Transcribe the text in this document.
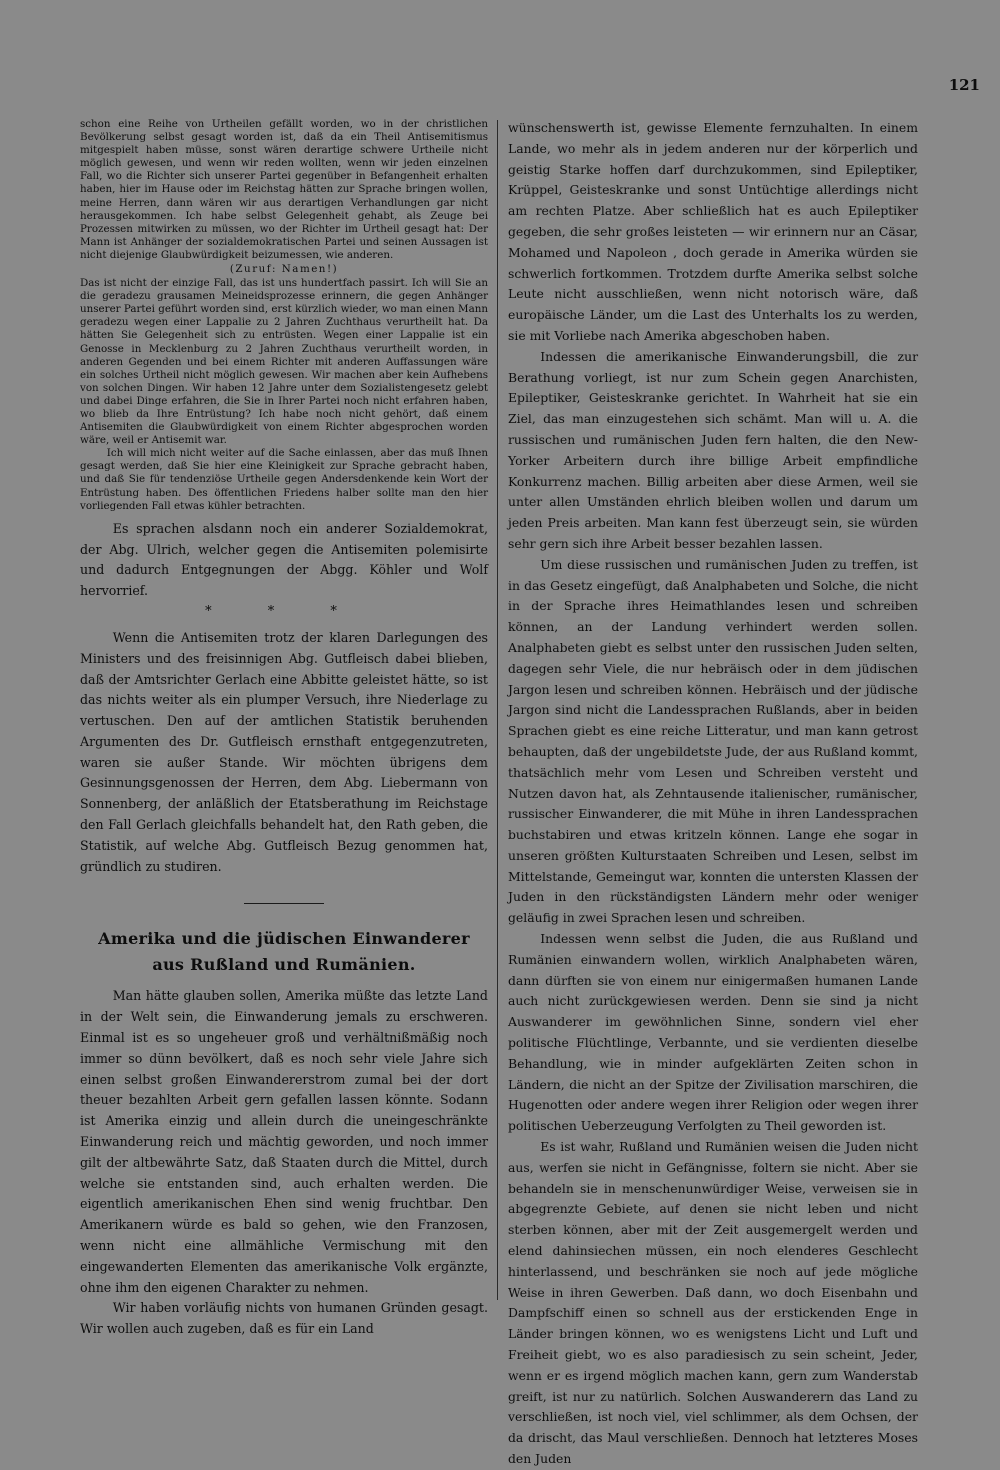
121

schon eine Reihe von Urtheilen gefällt worden, wo in der christlichen Bevölkerung selbst gesagt worden ist, daß da ein Theil Antisemitismus mitgespielt haben müsse, sonst wären derartige schwere Urtheile nicht möglich gewesen, und wenn wir reden wollten, wenn wir jeden einzelnen Fall, wo die Richter sich unserer Partei gegenüber in Befangenheit erhalten haben, hier im Hause oder im Reichstag hätten zur Sprache bringen wollen, meine Herren, dann wären wir aus derartigen Verhandlungen gar nicht herausgekommen. Ich habe selbst Gelegenheit gehabt, als Zeuge bei Prozessen mitwirken zu müssen, wo der Richter im Urtheil gesagt hat: Der Mann ist Anhänger der sozialdemokratischen Partei und seinen Aussagen ist nicht diejenige Glaubwürdigkeit beizumessen, wie anderen.

(Zuruf: Namen!)

Das ist nicht der einzige Fall, das ist uns hundertfach passirt. Ich will Sie an die geradezu grausamen Meineidsprozesse erinnern, die gegen Anhänger unserer Partei geführt worden sind, erst kürzlich wieder, wo man einen Mann geradezu wegen einer Lappalie zu 2 Jahren Zuchthaus verurtheilt hat. Da hätten Sie Gelegenheit sich zu entrüsten. Wegen einer Lappalie ist ein Genosse in Mecklenburg zu 2 Jahren Zuchthaus verurtheilt worden, in anderen Gegenden und bei einem Richter mit anderen Auffassungen wäre ein solches Urtheil nicht möglich gewesen. Wir machen aber kein Aufhebens von solchen Dingen. Wir haben 12 Jahre unter dem Sozialistengesetz gelebt und dabei Dinge erfahren, die Sie in Ihrer Partei noch nicht erfahren haben, wo blieb da Ihre Entrüstung? Ich habe noch nicht gehört, daß einem Antisemiten die Glaubwürdigkeit von einem Richter abgesprochen worden wäre, weil er Antisemit war.

Ich will mich nicht weiter auf die Sache einlassen, aber das muß Ihnen gesagt werden, daß Sie hier eine Kleinigkeit zur Sprache gebracht haben, und daß Sie für tendenziöse Urtheile gegen Andersdenkende kein Wort der Entrüstung haben. Des öffentlichen Friedens halber sollte man den hier vorliegenden Fall etwas kühler betrachten.

Es sprachen alsdann noch ein anderer Sozialdemokrat, der Abg. Ulrich, welcher gegen die Antisemiten polemisirte und dadurch Entgegnungen der Abgg. Köhler und Wolf hervorrief.

* * *

Wenn die Antisemiten trotz der klaren Darlegungen des Ministers und des freisinnigen Abg. Gutfleisch dabei blieben, daß der Amtsrichter Gerlach eine Abbitte geleistet hätte, so ist das nichts weiter als ein plumper Versuch, ihre Niederlage zu vertuschen. Den auf der amtlichen Statistik beruhenden Argumenten des Dr. Gutfleisch ernsthaft entgegenzutreten, waren sie außer Stande. Wir möchten übrigens dem Gesinnungsgenossen der Herren, dem Abg. Liebermann von Sonnenberg, der anläßlich der Etatsberathung im Reichstage den Fall Gerlach gleichfalls behandelt hat, den Rath geben, die Statistik, auf welche Abg. Gutfleisch Bezug genommen hat, gründlich zu studiren.

Amerika und die jüdischen Einwanderer aus Rußland und Rumänien.

Man hätte glauben sollen, Amerika müßte das letzte Land in der Welt sein, die Einwanderung jemals zu erschweren. Einmal ist es so ungeheuer groß und verhältnißmäßig noch immer so dünn bevölkert, daß es noch sehr viele Jahre sich einen selbst großen Einwandererstrom zumal bei der dort theuer bezahlten Arbeit gern gefallen lassen könnte. Sodann ist Amerika einzig und allein durch die uneingeschränkte Einwanderung reich und mächtig geworden, und noch immer gilt der altbewährte Satz, daß Staaten durch die Mittel, durch welche sie entstanden sind, auch erhalten werden. Die eigentlich amerikanischen Ehen sind wenig fruchtbar. Den Amerikanern würde es bald so gehen, wie den Franzosen, wenn nicht eine allmähliche Vermischung mit den eingewanderten Elementen das amerikanische Volk ergänzte, ohne ihm den eigenen Charakter zu nehmen.

Wir haben vorläufig nichts von humanen Gründen gesagt. Wir wollen auch zugeben, daß es für ein Land

wünschenswerth ist, gewisse Elemente fernzuhalten. In einem Lande, wo mehr als in jedem anderen nur der körperlich und geistig Starke hoffen darf durchzukommen, sind Epileptiker, Krüppel, Geisteskranke und sonst Untüchtige allerdings nicht am rechten Platze. Aber schließlich hat es auch Epileptiker gegeben, die sehr großes leisteten — wir erinnern nur an Cäsar, Mohamed und Napoleon , doch gerade in Amerika würden sie schwerlich fortkommen. Trotzdem durfte Amerika selbst solche Leute nicht ausschließen, wenn nicht notorisch wäre, daß europäische Länder, um die Last des Unterhalts los zu werden, sie mit Vorliebe nach Amerika abgeschoben haben.

Indessen die amerikanische Einwanderungsbill, die zur Berathung vorliegt, ist nur zum Schein gegen Anarchisten, Epileptiker, Geisteskranke gerichtet. In Wahrheit hat sie ein Ziel, das man einzugestehen sich schämt. Man will u. A. die russischen und rumänischen Juden fern halten, die den New-Yorker Arbeitern durch ihre billige Arbeit empfindliche Konkurrenz machen. Billig arbeiten aber diese Armen, weil sie unter allen Umständen ehrlich bleiben wollen und darum um jeden Preis arbeiten. Man kann fest überzeugt sein, sie würden sehr gern sich ihre Arbeit besser bezahlen lassen.

Um diese russischen und rumänischen Juden zu treffen, ist in das Gesetz eingefügt, daß Analphabeten und Solche, die nicht in der Sprache ihres Heimathlandes lesen und schreiben können, an der Landung verhindert werden sollen. Analphabeten giebt es selbst unter den russischen Juden selten, dagegen sehr Viele, die nur hebräisch oder in dem jüdischen Jargon lesen und schreiben können. Hebräisch und der jüdische Jargon sind nicht die Landessprachen Rußlands, aber in beiden Sprachen giebt es eine reiche Litteratur, und man kann getrost behaupten, daß der ungebildetste Jude, der aus Rußland kommt, thatsächlich mehr vom Lesen und Schreiben versteht und Nutzen davon hat, als Zehntausende italienischer, rumänischer, russischer Einwanderer, die mit Mühe in ihren Landessprachen buchstabiren und etwas kritzeln können. Lange ehe sogar in unseren größten Kulturstaaten Schreiben und Lesen, selbst im Mittelstande, Gemeingut war, konnten die untersten Klassen der Juden in den rückständigsten Ländern mehr oder weniger geläufig in zwei Sprachen lesen und schreiben.

Indessen wenn selbst die Juden, die aus Rußland und Rumänien einwandern wollen, wirklich Analphabeten wären, dann dürften sie von einem nur einigermaßen humanen Lande auch nicht zurückgewiesen werden. Denn sie sind ja nicht Auswanderer im gewöhnlichen Sinne, sondern viel eher politische Flüchtlinge, Verbannte, und sie verdienten dieselbe Behandlung, wie in minder aufgeklärten Zeiten schon in Ländern, die nicht an der Spitze der Zivilisation marschiren, die Hugenotten oder andere wegen ihrer Religion oder wegen ihrer politischen Ueberzeugung Verfolgten zu Theil geworden ist.

Es ist wahr, Rußland und Rumänien weisen die Juden nicht aus, werfen sie nicht in Gefängnisse, foltern sie nicht. Aber sie behandeln sie in menschenunwürdiger Weise, verweisen sie in abgegrenzte Gebiete, auf denen sie nicht leben und nicht sterben können, aber mit der Zeit ausgemergelt werden und elend dahinsiechen müssen, ein noch elenderes Geschlecht hinterlassend, und beschränken sie noch auf jede mögliche Weise in ihren Gewerben. Daß dann, wo doch Eisenbahn und Dampfschiff einen so schnell aus der erstickenden Enge in Länder bringen können, wo es wenigstens Licht und Luft und Freiheit giebt, wo es also paradiesisch zu sein scheint, Jeder, wenn er es irgend möglich machen kann, gern zum Wanderstab greift, ist nur zu natürlich. Solchen Auswanderern das Land zu verschließen, ist noch viel, viel schlimmer, als dem Ochsen, der da drischt, das Maul verschließen. Dennoch hat letzteres Moses den Juden
